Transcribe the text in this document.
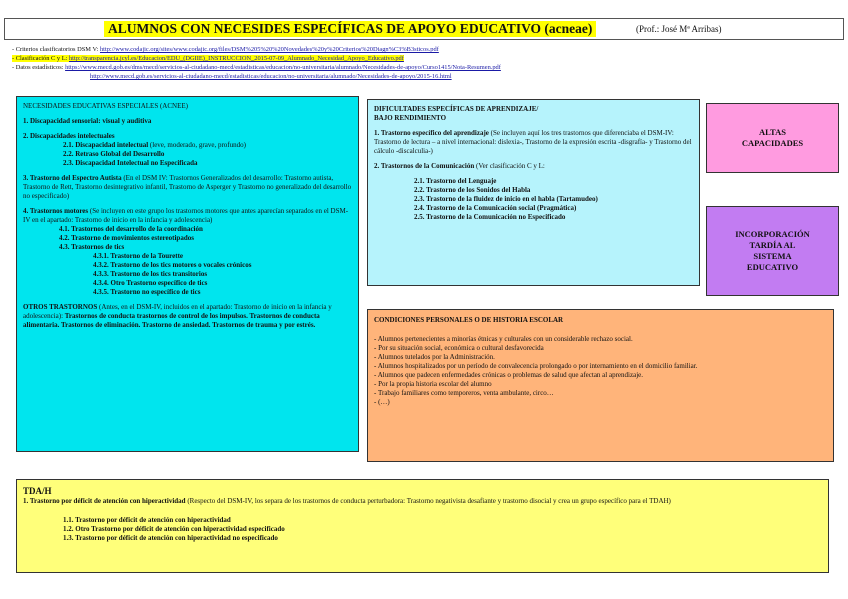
ALUMNOS CON NECESIDES ESPECÍFICAS DE APOYO EDUCATIVO (acneae)	(Prof.: José Mª Arribas)
- Criterios clasificatorios DSM V: http://www.codajic.org/sites/www.codajic.org/files/DSM%205%20%20Novedades%20y%20Criterios%20Diagn%C3%B3sticos.pdf
- Clasificación C y L: http://transparencia.jcyl.es/Educacion/EDU_(DGIIE)_INSTRUCCION_2015-07-09_Alumnado_Necesidad_Apoyo_Educativo.pdf
- Datos estadísticos: https://www.mecd.gob.es/dms/mecd/servicios-al-ciudadano-mecd/estadisticas/educacion/no-universitaria/alumnado/Necesidades-de-apoyo/Curso1415/Nota-Resumen.pdf
http://www.mecd.gob.es/servicios-al-ciudadano-mecd/estadisticas/educacion/no-universitaria/alumnado/Necesidades-de-apoyo/2015-16.html

NECESIDADES EDUCATIVAS ESPECIALES (ACNEE)

1. Discapacidad sensorial: visual y auditiva

2. Discapacidades intelectuales

2.1. Discapacidad intelectual (leve, moderado, grave, profundo)

2.2. Retraso Global del Desarrollo

2.3. Discapacidad Intelectual no Especificada

3. Trastorno del Espectro Autista (En el DSM IV: Trastornos Generalizados del desarrollo: Trastorno autista, Trastorno de Rett, Trastorno desintegrativo infantil, Trastorno de Asperger y Trastorno no generalizado del desarrollo no especificado)

4. Trastornos motores (Se incluyen en este grupo los trastornos motores que antes aparecían separados en el DSM-IV en el apartado: Trastorno de inicio en la infancia y adolescencia)

4.1. Trastornos del desarrollo de la coordinación

4.2. Trastorno de movimientos estereotipados

4.3. Trastornos de tics

4.3.1. Trastorno de la Tourette

4.3.2. Trastorno de los tics motores o vocales crónicos

4.3.3. Trastorno de los tics transitorios

4.3.4. Otro Trastorno específico de tics

4.3.5. Trastorno no específico de tics

OTROS TRASTORNOS (Antes, en el DSM-IV, incluidos en el apartado: Trastorno de inicio en la infancia y adolescencia): Trastornos de conducta trastornos de control de los impulsos. Trastornos de conducta alimentaria. Trastornos de eliminación. Trastorno de ansiedad. Trastornos de trauma y por estrés.

DIFICULTADES ESPECÍFICAS DE APRENDIZAJE/

BAJO RENDIMIENTO

1. Trastorno específico del aprendizaje (Se incluyen aquí los tres trastornos que diferenciaba el DSM-IV: Trastorno de lectura – a nivel internacional: dislexia-, Trastorno de la expresión escrita -disgrafía- y Trastorno del cálculo -discalculia-)

2. Trastornos de la Comunicación (Ver clasificación C y L:

2.1. Trastorno del Lenguaje

2.2. Trastorno de los Sonidos del Habla

2.3. Trastorno de la fluidez de inicio en el habla (Tartamudeo)

2.4. Trastorno de la Comunicación social (Pragmática)

2.5. Trastorno de la Comunicación no Especificado

ALTAS
CAPACIDADES
INCORPORACIÓN
TARDÍA AL
SISTEMA
EDUCATIVO

CONDICIONES PERSONALES O DE HISTORIA ESCOLAR

- Alumnos pertenecientes a minorías étnicas y culturales con un considerable rechazo social.

- Por su situación social, económica o cultural desfavorecida

- Alumnos tutelados por la Administración.

- Alumnos hospitalizados por un período de convalecencia prolongado o por internamiento en el domicilio familiar.

- Alumnos que padecen enfermedades crónicas o problemas de salud que afectan al aprendizaje.

- Por la propia historia escolar del alumno

- Trabajo familiares como temporeros, venta ambulante, circo…

- (…)

TDA/H

1. Trastorno por déficit de atención con hiperactividad (Respecto del DSM-IV, los separa de los trastornos de conducta perturbadora: Trastorno negativista desafiante y trastorno disocial y crea un grupo específico para el TDAH)

1.1. Trastorno por déficit de atención con hiperactividad

1.2. Otro Trastorno por déficit de atención con hiperactividad especificado

1.3. Trastorno por déficit de atención con hiperactividad no especificado
